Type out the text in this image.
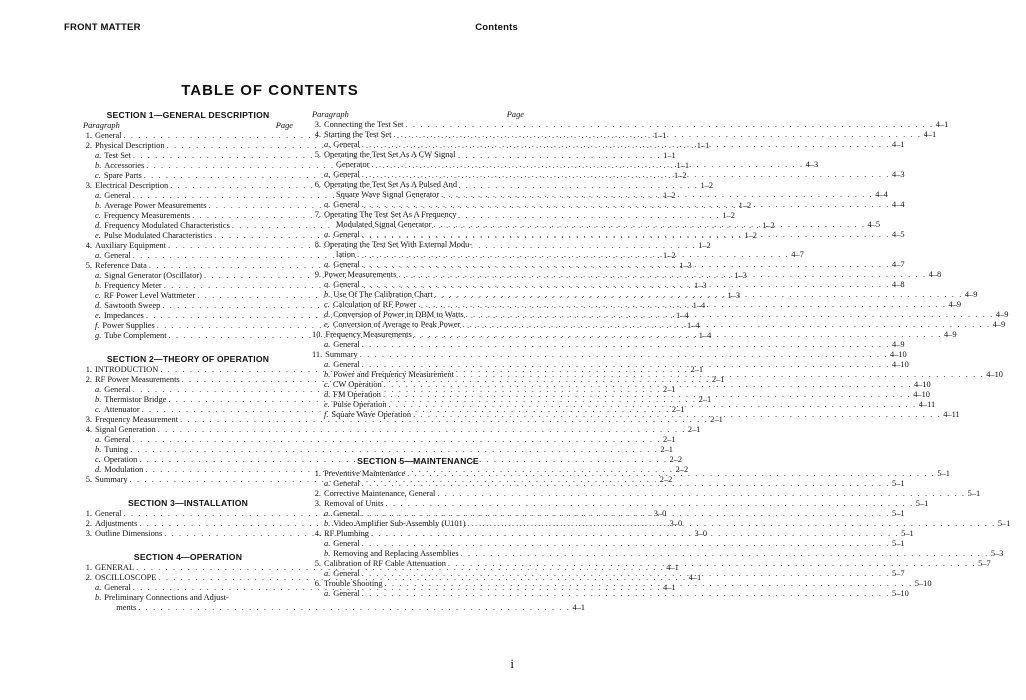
FRONT MATTER	Contents
TABLE OF CONTENTS
SECTION 1—GENERAL DESCRIPTION
Paragraph	Page
1. General . . .	1–1
2. Physical Description . . .	1–1
a. Test Set . . .	1–1
b. Accessories . . .	1–1
c. Spare Parts . . .	1–2
3. Electrical Description . . .	1–2
a. General . . .	1–2
b. Average Power Measurements . . .	1–2
c. Frequency Measurements . . .	1–2
d. Frequency Modulated Characteristics . . .	1–2
e. Pulse Modulated Characteristics . . .	1–2
4. Auxiliary Equipment . . .	1–2
a. General . . .	1–2
5. Reference Data . . .	1–3
a. Signal Generator (Oscillator) . . .	1–3
b. Frequency Meter . . .	1–3
c. RF Power Level Wattmeter . . .	1–3
d. Sawtooth Sweep . . .	1–4
e. Impedances . . .	1–4
f. Power Supplies . . .	1–4
g. Tube Complement . . .	1–4
SECTION 2—THEORY OF OPERATION
1. INTRODUCTION . . .	2–1
2. RF Power Measurements . . .	2–1
a. General . . .	2–1
b. Thermistor Bridge . . .	2–1
c. Attenuator . . .	2–1
3. Frequency Measurement . . .	2–1
4. Signal Generation . . .	2–1
a. General . . .	2–1
b. Tuning . . .	2–1
c. Operation . . .	2–2
d. Modulation . . .	2–2
5. Summary . . .	2–2
SECTION 3—INSTALLATION
1. General . . .	3–0
2. Adjustments . . .	3–0
3. Outline Dimensions . . .	3–0
SECTION 4—OPERATION
1. GENERAL . . .	4–1
2. OSCILLOSCOPE . . .	4–1
a. General . . .	4–1
b. Preliminary Connections and Adjust-
ments . . .	4–1
Paragraph	Page
3. Connecting the Test Set . . .	4–1
4. Starting the Test Set . . .	4–1
a. General . . .	4–1
5. Operating the Test Set As A CW Signal
Generator . . .	4–3
a. General . . .	4–3
6. Operating the Test Set As A Pulsed And
Square Wave Signal Generator . . .	4–4
a. General . . .	4–4
7. Operating The Test Set As A Frequency
Modulated Signal Generator . . .	4–5
a. General . . .	4–5
8. Operating the Test Set With External Modu-
lation . . .	4–7
a. General . . .	4–7
9. Power Measurements . . .	4–8
a. General . . .	4–8
b. Use Of The Calibration Chart . . .	4–9
c. Calculation of RF Power . . .	4–9
d. Conversion of Power in DBM to Watts . . .	4–9
e. Conversion of Average to Peak Power . . .	4–9
10. Frequency Measurements . . .	4–9
a. General . . .	4–9
11. Summary . . .	4–10
a. General . . .	4–10
b. Power and Frequency Measurement . . .	4–10
c. CW Operation . . .	4–10
d. FM Operation . . .	4–10
e. Pulse Operation . . .	4–11
f. Square Wave Operation . . .	4–11
SECTION 5—MAINTENANCE
1. Preventive Maintenance . . .	5–1
a. General . . .	5–1
2. Corrective Maintenance, General . . .	5–1
3. Removal of Units . . .	5–1
a. General . . .	5–1
b. Video Amplifier Sub-Assembly (U101) . . .	5–1
4. RF Plumbing . . .	5–1
a. General . . .	5–1
b. Removing and Replacing Assemblies . . .	5–3
5. Calibration of RF Cable Attenuation . . .	5–7
a. General . . .	5–7
6. Trouble Shooting . . .	5–10
a. General . . .	5–10
i
